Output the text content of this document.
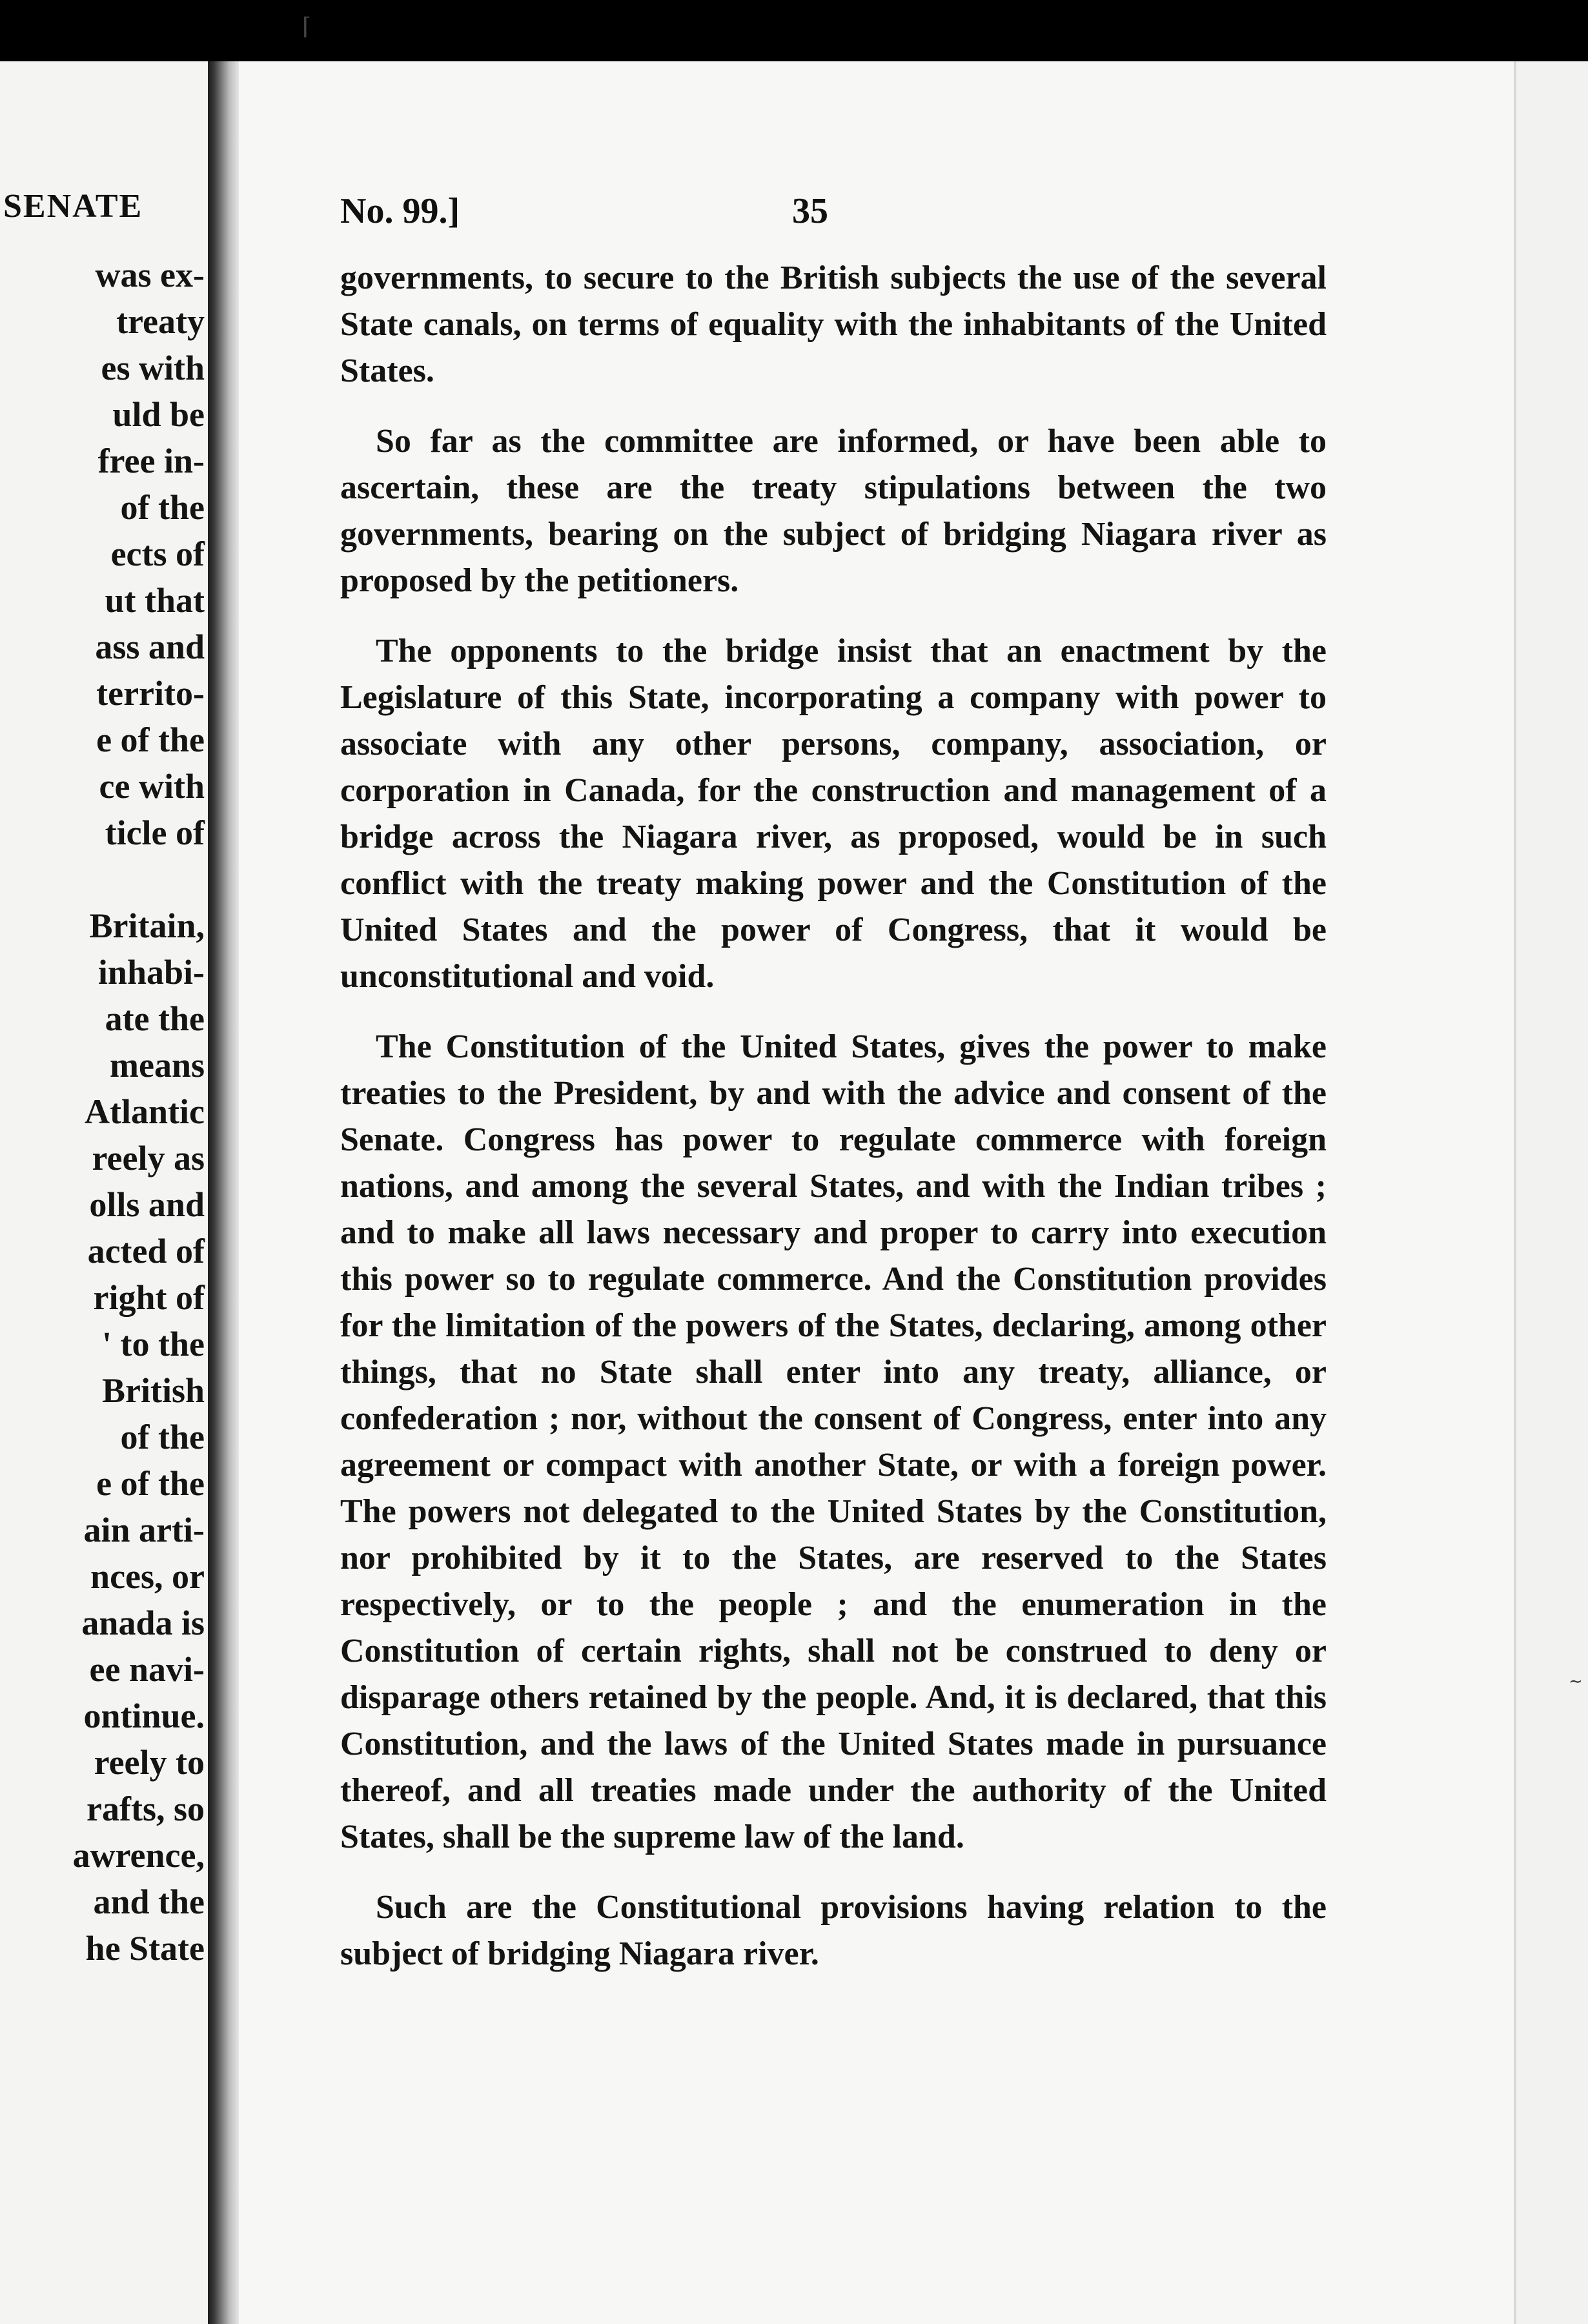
⌈
SENATE
was ex-
treaty
es with
uld be
free in-
of the
ects of
ut that
ass and
territo-
e of the
ce with
ticle of
Britain,
inhabi-
ate the
means
Atlantic
reely as
olls and
acted of
right of
' to the
British
of the
e of the
ain arti-
nces, or
anada is
ee navi-
ontinue.
reely to
rafts, so
awrence,
and the
he State
No. 99.]	35

governments, to secure to the British subjects the use of the several State canals, on terms of equality with the inhabitants of the United States.

So far as the committee are informed, or have been able to ascertain, these are the treaty stipulations between the two governments, bearing on the subject of bridging Niagara river as proposed by the petitioners.

The opponents to the bridge insist that an enactment by the Legislature of this State, incorporating a company with power to associate with any other persons, company, association, or corporation in Canada, for the construction and management of a bridge across the Niagara river, as proposed, would be in such conflict with the treaty making power and the Constitution of the United States and the power of Congress, that it would be unconstitutional and void.

The Constitution of the United States, gives the power to make treaties to the President, by and with the advice and consent of the Senate. Congress has power to regulate commerce with foreign nations, and among the several States, and with the Indian tribes ; and to make all laws necessary and proper to carry into execution this power so to regulate commerce. And the Constitution provides for the limitation of the powers of the States, declaring, among other things, that no State shall enter into any treaty, alliance, or confederation ; nor, without the consent of Congress, enter into any agreement or compact with another State, or with a foreign power. The powers not delegated to the United States by the Constitution, nor prohibited by it to the States, are reserved to the States respectively, or to the people ; and the enumeration in the Constitution of certain rights, shall not be construed to deny or disparage others retained by the people. And, it is declared, that this Constitution, and the laws of the United States made in pursuance thereof, and all treaties made under the authority of the United States, shall be the supreme law of the land.

Such are the Constitutional provisions having relation to the subject of bridging Niagara river.

∼
